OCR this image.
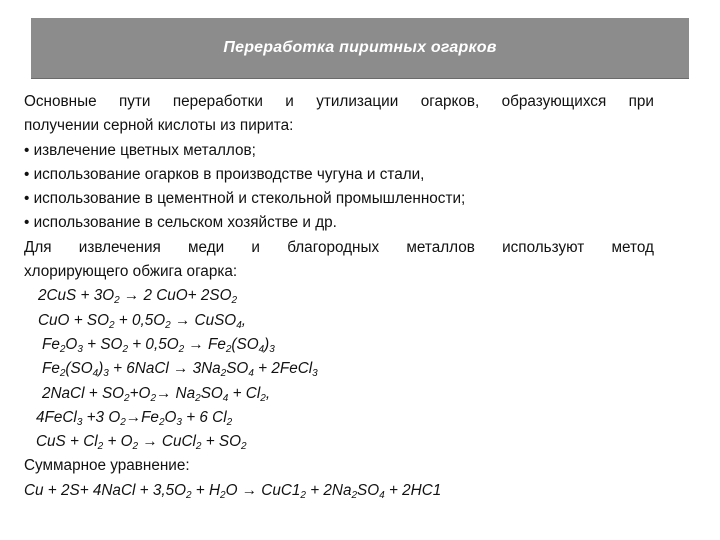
Переработка пиритных огарков
Основные пути переработки и утилизации огарков, образующихся при
получении серной кислоты из пирита:
• извлечение цветных металлов;
• использование огарков в производстве чугуна и стали,
• использование в цементной и стекольной промышленности;
• использование в сельском хозяйстве и др.
Для извлечения меди и благородных металлов используют метод
хлорирующего обжига огарка:
$2CuS + 3O_2 \to 2$ $CuO+ 2SO_2$
CuO + $SO_2 + 0,5O_2$ → CuSO$_4$,
$Fe_2O_3 + SO_2 + 0,5O_2 \to Fe_2(SO_4)_3$
$Fe_2(SO_4)_3$ + 6NaCl → $3Na_2SO_4$ + 2FeCl$_3$
2NaCl + $SO_2+O_2\to Na_2SO_4 + Cl_2$,
4FeCl$_3$ +3 $O_2\to Fe_2O_3 + 6$ $Cl_2$
CuS + $Cl_2 + O_2$ → CuCl$_2$ + $SO_2$
Суммарное уравнение:
Cu + 2S+ 4NaCl + $3,5O_2 + H_2O \to CuC1_2 + 2Na_2SO_4 + 2HC1$
